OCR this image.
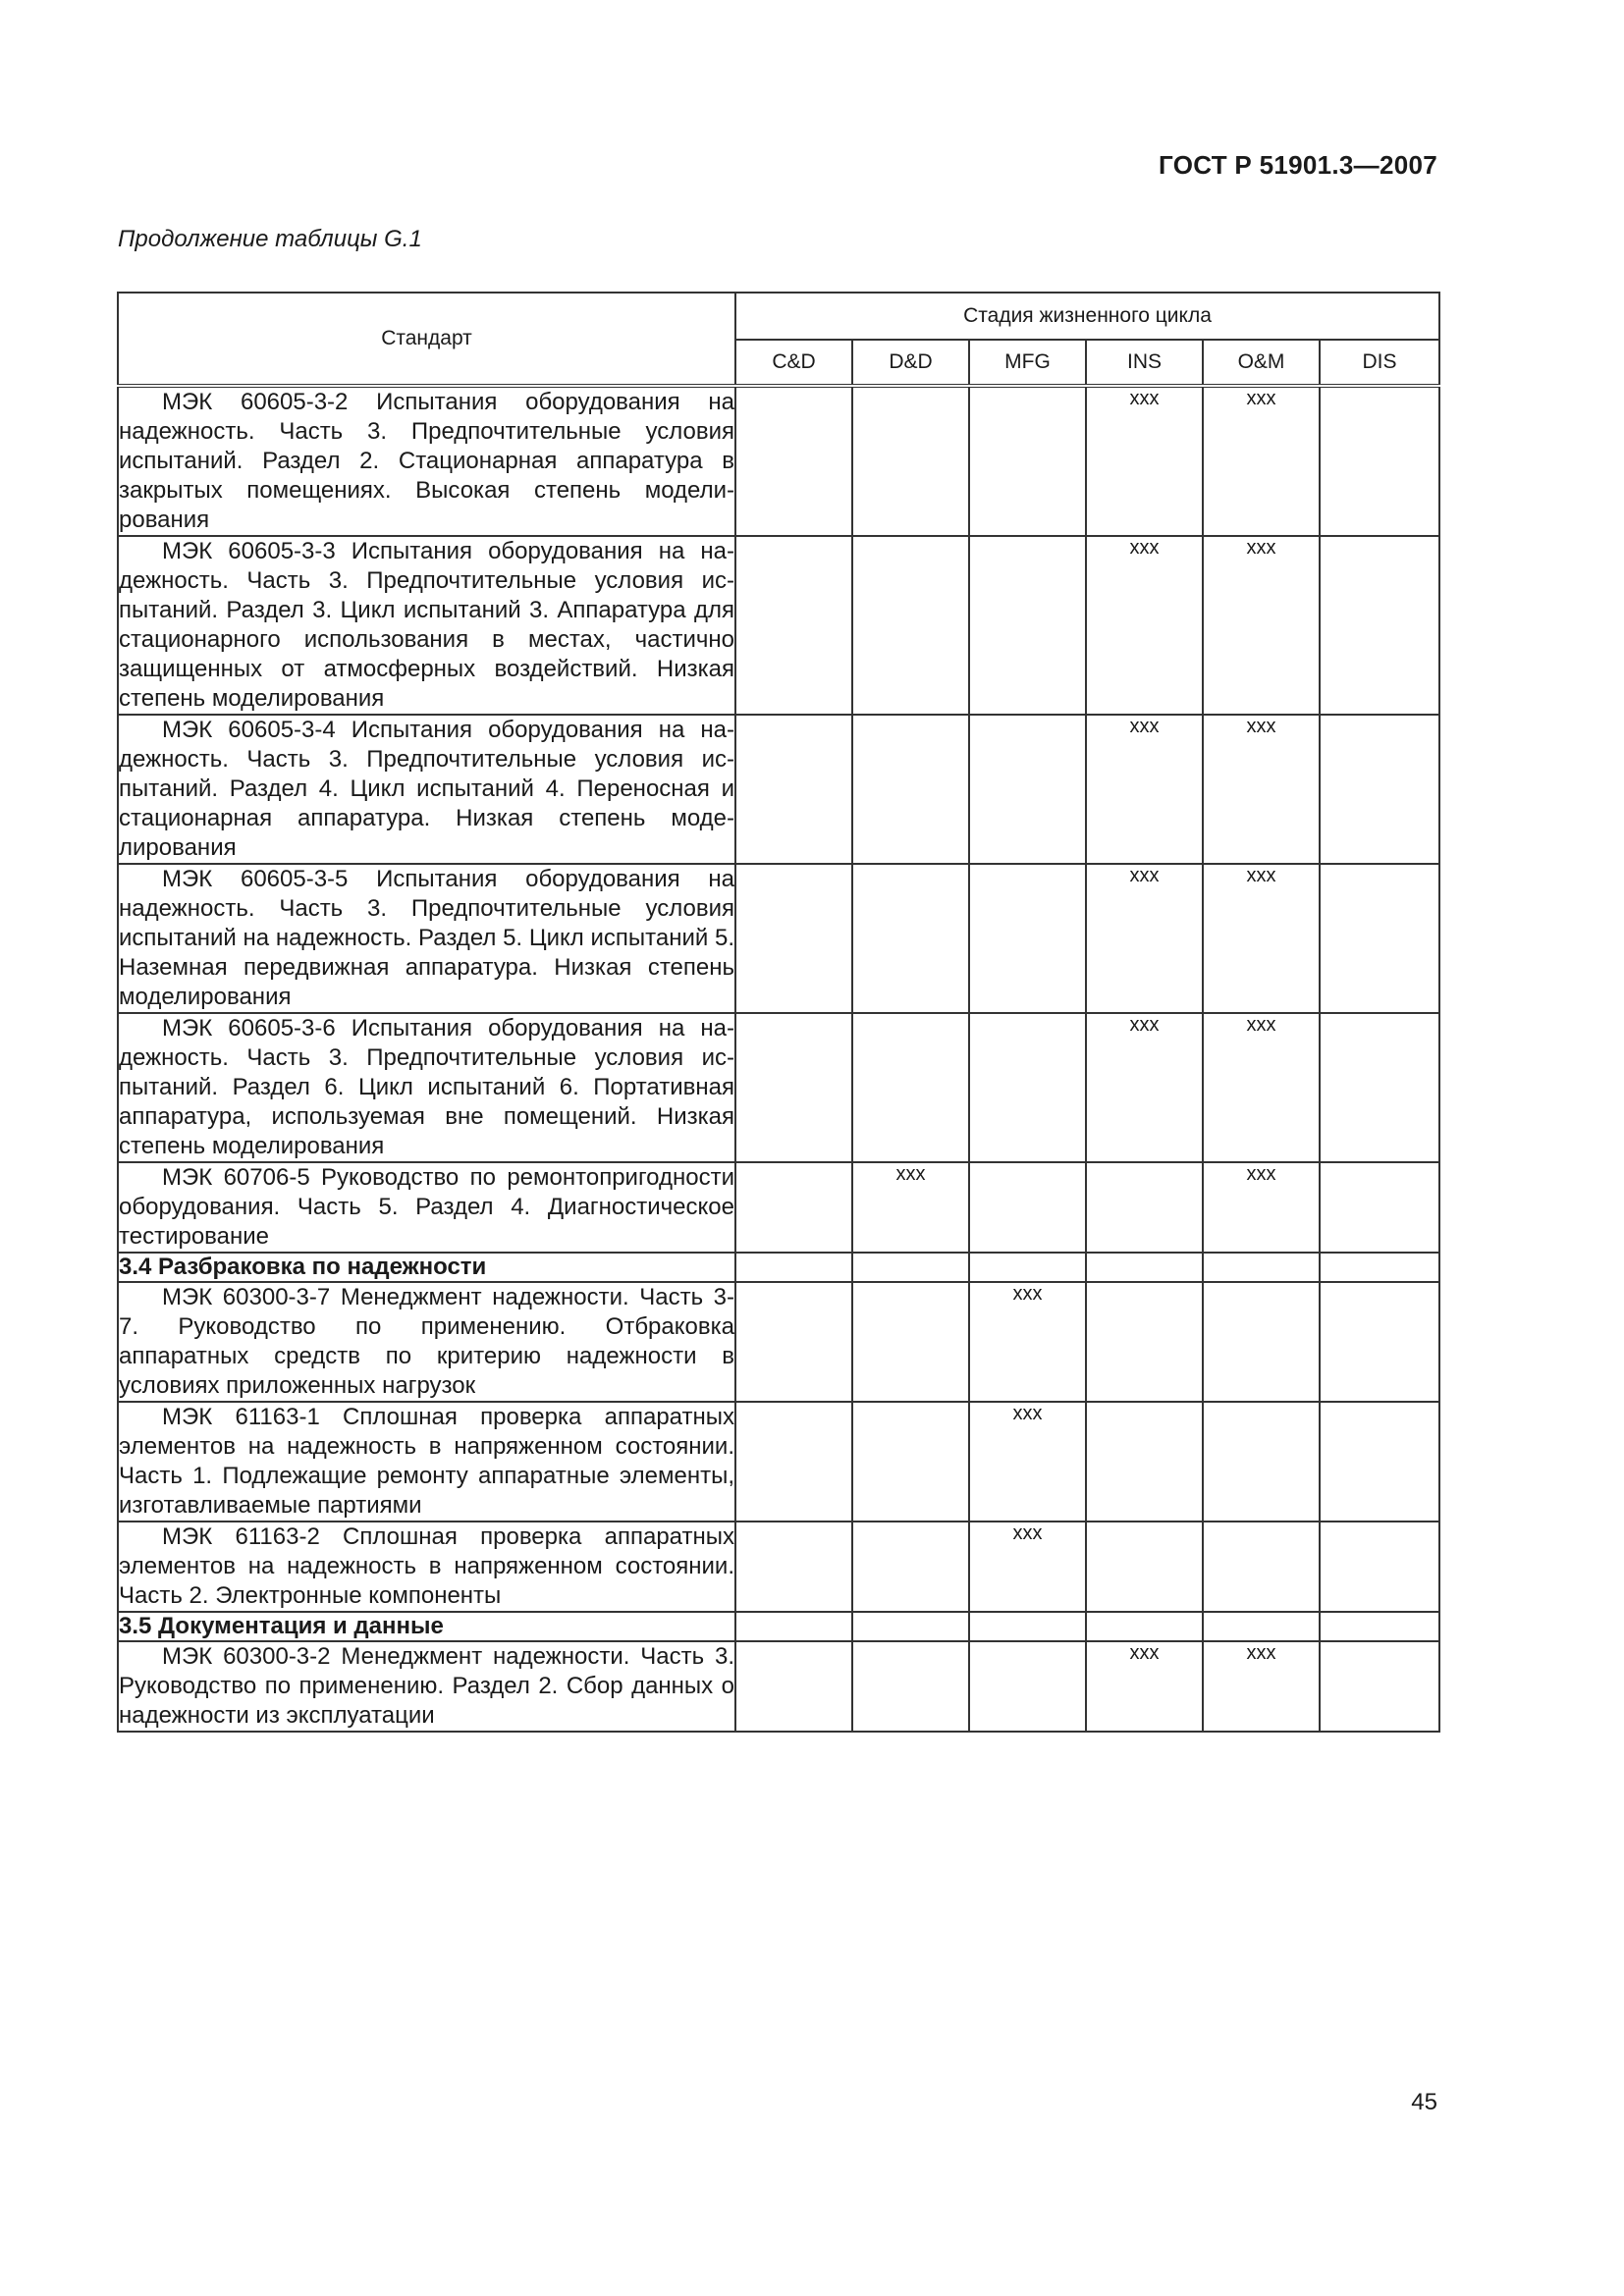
ГОСТ Р 51901.3—2007
Продолжение таблицы G.1
Стандарт	Стадия жизненного цикла					
	C&D	D&D	MFG	INS	O&M	DIS

МЭК 60605-3-2 Испытания оборудования на надежность. Часть 3. Предпочтительные условия испытаний. Раздел 2. Стационарная аппаратура в закрытых помещениях. Высокая степень моделирования				xxx	xxx	

МЭК 60605-3-3 Испытания оборудования на надежность. Часть 3. Предпочтительные условия испытаний. Раздел 3. Цикл испытаний 3. Аппаратура для стационарного использования в местах, частично защищенных от атмосферных воздействий. Низкая степень моделирования				xxx	xxx	

МЭК 60605-3-4 Испытания оборудования на надежность. Часть 3. Предпочтительные условия испытаний. Раздел 4. Цикл испытаний 4. Переносная и стационарная аппаратура. Низкая степень моделирования				xxx	xxx	

МЭК 60605-3-5 Испытания оборудования на надежность. Часть 3. Предпочтительные условия испытаний на надежность. Раздел 5. Цикл испытаний 5. Наземная передвижная аппаратура. Низкая степень моделирования				xxx	xxx	

МЭК 60605-3-6 Испытания оборудования на надежность. Часть 3. Предпочтительные условия испытаний. Раздел 6. Цикл испытаний 6. Портативная аппаратура, используемая вне помещений. Низкая степень моделирования				xxx	xxx	

МЭК 60706-5 Руководство по ремонтопригодности оборудования. Часть 5. Раздел 4. Диагностическое тестирование		xxx			xxx	
3.4 Разбраковка по надежности						

МЭК 60300-3-7 Менеджмент надежности. Часть 3-7. Руководство по применению. Отбраковка аппаратных средств по критерию надежности в условиях приложенных нагрузок			xxx			

МЭК 61163-1 Сплошная проверка аппаратных элементов на надежность в напряженном состоянии. Часть 1. Подлежащие ремонту аппаратные элементы, изготавливаемые партиями			xxx			

МЭК 61163-2 Сплошная проверка аппаратных элементов на надежность в напряженном состоянии. Часть 2. Электронные компоненты			xxx			
3.5 Документация и данные						

МЭК 60300-3-2 Менеджмент надежности. Часть 3. Руководство по применению. Раздел 2. Сбор данных о надежности из эксплуатации				xxx	xxx	
45
